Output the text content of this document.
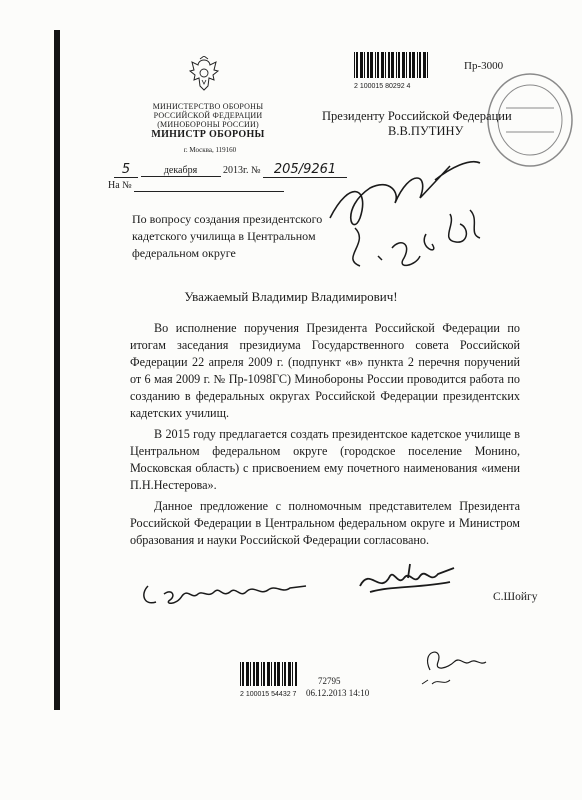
МИНИСТЕРСТВО ОБОРОНЫ
РОССИЙСКОЙ ФЕДЕРАЦИИ
(МИНОБОРОНЫ РОССИИ)
МИНИСТР ОБОРОНЫ
г. Москва, 119160
5	декабря	2013г. № 205/9261
На №
2 100015 80292 4
Пр-3000
Президенту Российской Федерации
В.В.ПУТИНУ
По вопросу создания президентского
кадетского училища в Центральном
федеральном округе
Уважаемый Владимир Владимирович!

Во исполнение поручения Президента Российской Федерации по итогам заседания президиума Государственного совета Российской Федерации 22 апреля 2009 г. (подпункт «в» пункта 2 перечня поручений от 6 мая 2009 г. № Пр-1098ГС) Минобороны России проводится работа по созданию в федеральных округах Российской Федерации президентских кадетских училищ.

В 2015 году предлагается создать президентское кадетское училище в Центральном федеральном округе (городское поселение Монино, Московская область) с присвоением ему почетного наименования «имени П.Н.Нестерова».

Данное предложение с полномочным представителем Президента Российской Федерации в Центральном федеральном округе и Министром образования и науки Российской Федерации согласовано.

С.Шойгу
2 100015 54432 7
72795
06.12.2013 14:10
